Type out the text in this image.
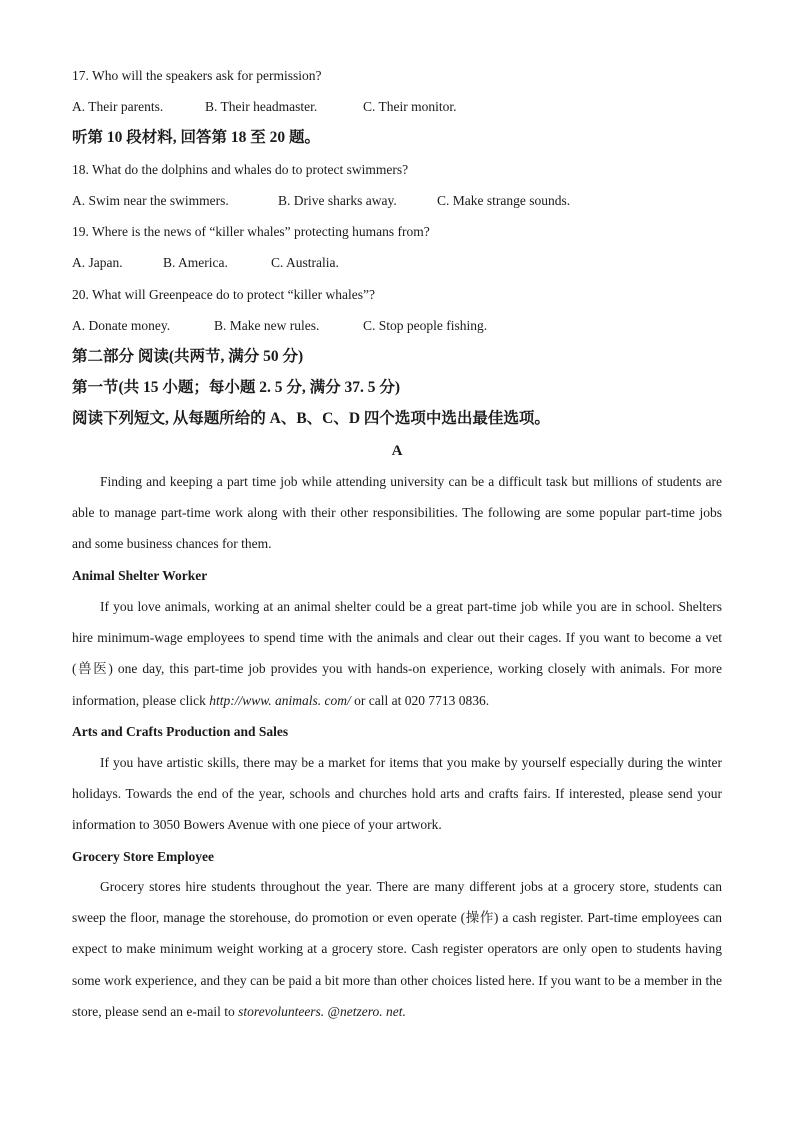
17. Who will the speakers ask for permission?
A. Their parents.	B. Their headmaster.	C. Their monitor.
听第 10 段材料, 回答第 18 至 20 题。
18. What do the dolphins and whales do to protect swimmers?
A. Swim near the swimmers.	B. Drive sharks away.	C. Make strange sounds.
19. Where is the news of “killer whales” protecting humans from?
A. Japan.	B. America.	C. Australia.
20. What will Greenpeace do to protect “killer whales”?
A. Donate money.	B. Make new rules.	C. Stop people fishing.
第二部分 阅读(共两节, 满分 50 分)
第一节(共 15 小题；每小题 2. 5 分, 满分 37. 5 分)
阅读下列短文, 从每题所给的 A、B、C、D 四个选项中选出最佳选项。
A
Finding and keeping a part time job while attending university can be a difficult task but millions of students are able to manage part-time work along with their other responsibilities. The following are some popular part-time jobs and some business chances for them.
Animal Shelter Worker
If you love animals, working at an animal shelter could be a great part-time job while you are in school. Shelters hire minimum-wage employees to spend time with the animals and clear out their cages. If you want to become a vet (兽医) one day, this part-time job provides you with hands-on experience, working closely with animals. For more information, please click http://www. animals. com/ or call at 020 7713 0836.
Arts and Crafts Production and Sales
If you have artistic skills, there may be a market for items that you make by yourself especially during the winter holidays. Towards the end of the year, schools and churches hold arts and crafts fairs. If interested, please send your information to 3050 Bowers Avenue with one piece of your artwork.
Grocery Store Employee
Grocery stores hire students throughout the year. There are many different jobs at a grocery store, students can sweep the floor, manage the storehouse, do promotion or even operate (操作) a cash register. Part-time employees can expect to make minimum weight working at a grocery store. Cash register operators are only open to students having some work experience, and they can be paid a bit more than other choices listed here. If you want to be a member in the store, please send an e-mail to storevolunteers. @netzero. net.
